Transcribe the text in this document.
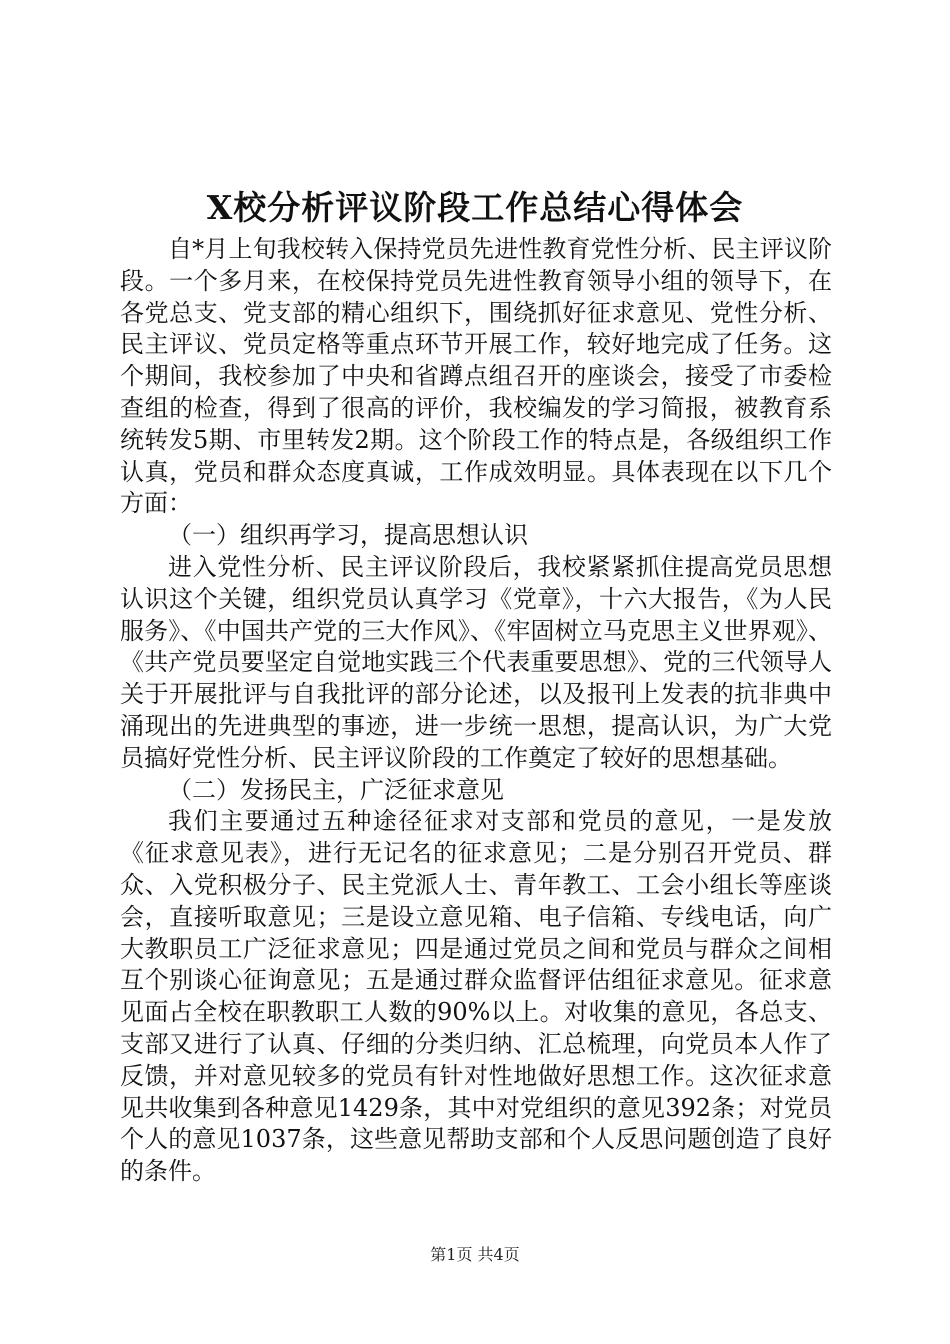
X校分析评议阶段工作总结心得体会

自*月上旬我校转入保持党员先进性教育党性分析、民主评议阶段。一个多月来，在校保持党员先进性教育领导小组的领导下，在各党总支、党支部的精心组织下，围绕抓好征求意见、党性分析、民主评议、党员定格等重点环节开展工作，较好地完成了任务。这个期间，我校参加了中央和省蹲点组召开的座谈会，接受了市委检查组的检查，得到了很高的评价，我校编发的学习简报，被教育系统转发5期、市里转发2期。这个阶段工作的特点是，各级组织工作认真，党员和群众态度真诚，工作成效明显。具体表现在以下几个方面：

（一）组织再学习，提高思想认识

进入党性分析、民主评议阶段后，我校紧紧抓住提高党员思想认识这个关键，组织党员认真学习《党章》，十六大报告，《为人民服务》、《中国共产党的三大作风》、《牢固树立马克思主义世界观》、《共产党员要坚定自觉地实践三个代表重要思想》、党的三代领导人关于开展批评与自我批评的部分论述，以及报刊上发表的抗非典中涌现出的先进典型的事迹，进一步统一思想，提高认识，为广大党员搞好党性分析、民主评议阶段的工作奠定了较好的思想基础。

（二）发扬民主，广泛征求意见

我们主要通过五种途径征求对支部和党员的意见，一是发放《征求意见表》，进行无记名的征求意见；二是分别召开党员、群众、入党积极分子、民主党派人士、青年教工、工会小组长等座谈会，直接听取意见；三是设立意见箱、电子信箱、专线电话，向广大教职员工广泛征求意见；四是通过党员之间和党员与群众之间相互个别谈心征询意见；五是通过群众监督评估组征求意见。征求意见面占全校在职教职工人数的90%以上。对收集的意见，各总支、支部又进行了认真、仔细的分类归纳、汇总梳理，向党员本人作了反馈，并对意见较多的党员有针对性地做好思想工作。这次征求意见共收集到各种意见1429条，其中对党组织的意见392条；对党员个人的意见1037条，这些意见帮助支部和个人反思问题创造了良好的条件。

第1页 共4页
